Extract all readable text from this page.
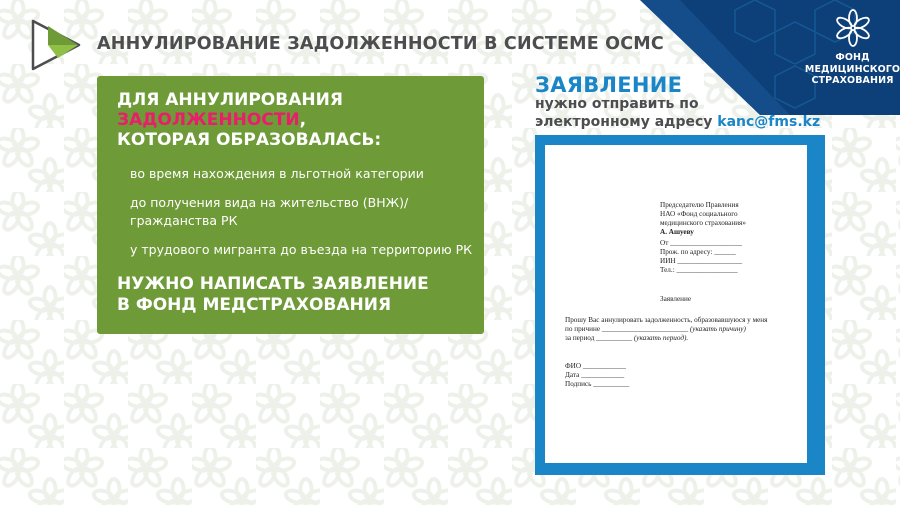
АННУЛИРОВАНИЕ ЗАДОЛЖЕННОСТИ В СИСТЕМЕ ОСМС
ФОНД
МЕДИЦИНСКОГО
СТРАХОВАНИЯ
ДЛЯ АННУЛИРОВАНИЯ
ЗАДОЛЖЕННОСТИ,
КОТОРАЯ ОБРАЗОВАЛАСЬ:
во время нахождения в льготной категории
до получения вида на жительство (ВНЖ)/
гражданства РК
у трудового мигранта до въезда на территорию РК
НУЖНО НАПИСАТЬ ЗАЯВЛЕНИЕ
В ФОНД МЕДСТРАХОВАНИЯ
ЗАЯВЛЕНИЕ
нужно отправить по
электронному адресу kanc@fms.kz
Председателю Правления
НАО «Фонд социального
медицинского страхования»
А. Ашуеву
От ____________________
Прож. по адресу: ______
ИИН __________________
Тел.: _________________
Заявление
Прошу Вас аннулировать задолженность, образовавшуюся у меня
по причине ________________________ (указать причину)
за период __________ (указать период).
ФИО ____________
Дата ____________
Подпись __________
